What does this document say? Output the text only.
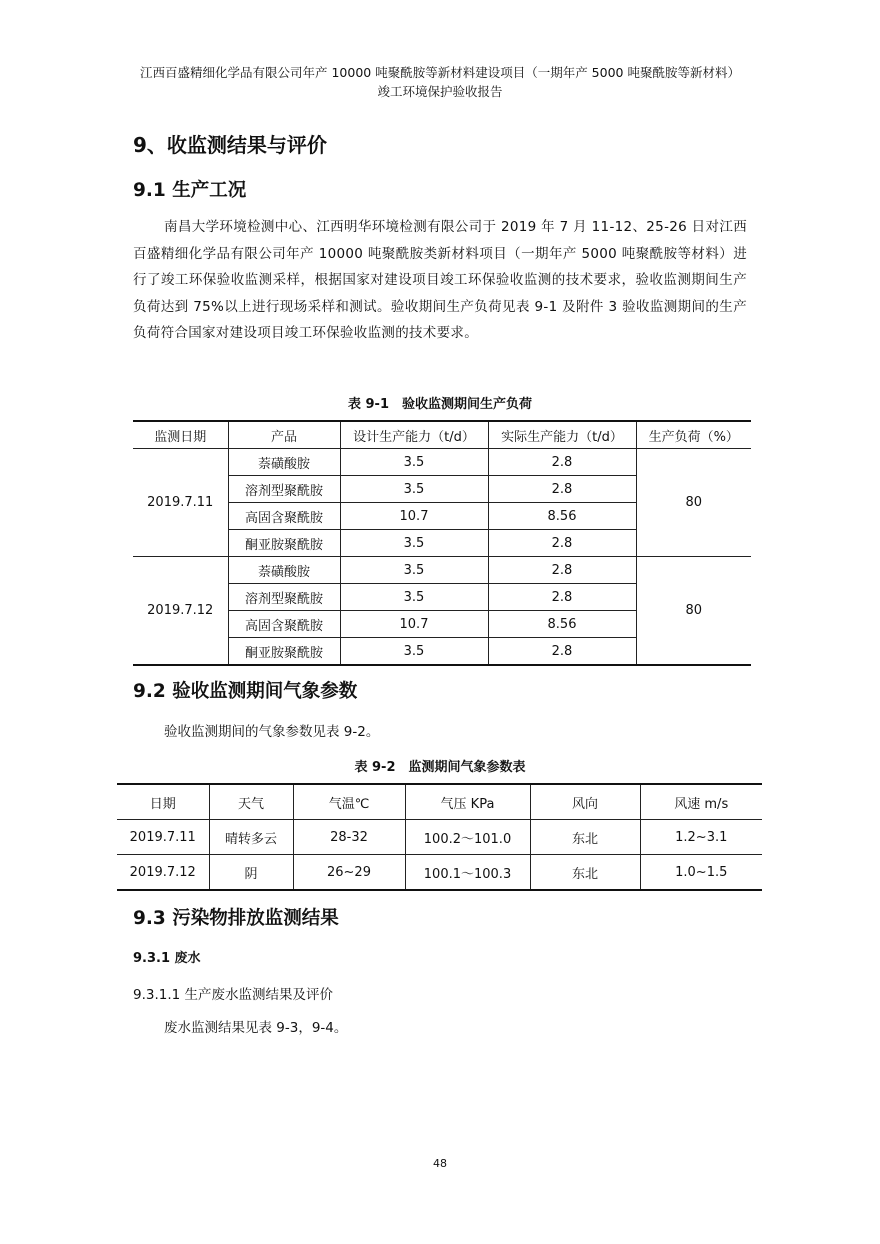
江西百盛精细化学品有限公司年产 10000 吨聚酰胺等新材料建设项目（一期年产 5000 吨聚酰胺等新材料）
竣工环境保护验收报告
9、收监测结果与评价
9.1 生产工况
南昌大学环境检测中心、江西明华环境检测有限公司于 2019 年 7 月 11-12、25-26 日对江西百盛精细化学品有限公司年产 10000 吨聚酰胺类新材料项目（一期年产 5000 吨聚酰胺等材料）进行了竣工环保验收监测采样，根据国家对建设项目竣工环保验收监测的技术要求，验收监测期间生产负荷达到 75%以上进行现场采样和测试。验收期间生产负荷见表 9-1 及附件 3 验收监测期间的生产负荷符合国家对建设项目竣工环保验收监测的技术要求。
表 9-1　验收监测期间生产负荷
监测日期	产品	设计生产能力（t/d）	实际生产能力（t/d）	生产负荷（%）
2019.7.11	萘磺酸胺	3.5	2.8	80
	溶剂型聚酰胺	3.5	2.8	
	高固含聚酰胺	10.7	8.56	
	酮亚胺聚酰胺	3.5	2.8	
2019.7.12	萘磺酸胺	3.5	2.8	80
	溶剂型聚酰胺	3.5	2.8	
	高固含聚酰胺	10.7	8.56	
	酮亚胺聚酰胺	3.5	2.8	
9.2 验收监测期间气象参数
验收监测期间的气象参数见表 9-2。
表 9-2　监测期间气象参数表
日期	天气	气温℃	气压 KPa	风向	风速 m/s
2019.7.11	晴转多云	28-32	100.2～101.0	东北	1.2~3.1
2019.7.12	阴	26~29	100.1～100.3	东北	1.0~1.5
9.3 污染物排放监测结果
9.3.1 废水
9.3.1.1 生产废水监测结果及评价
废水监测结果见表 9-3，9-4。
48
